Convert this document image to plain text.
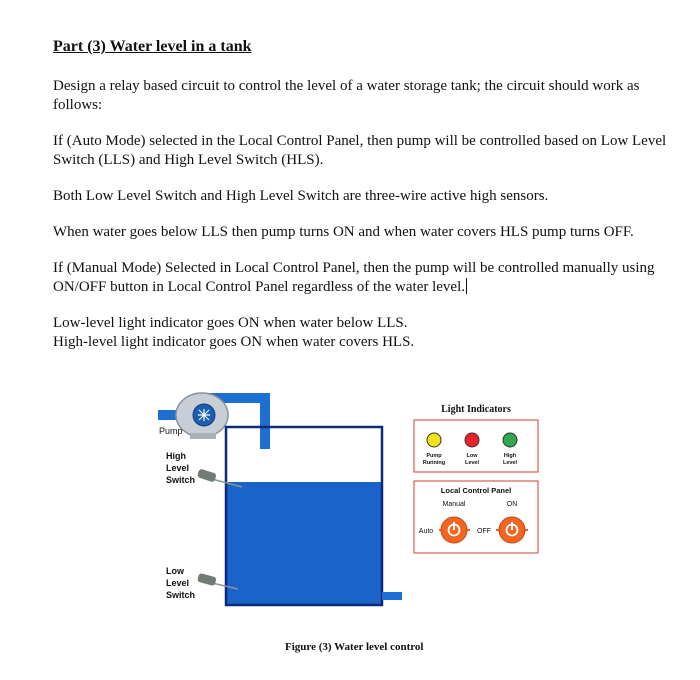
Part (3) Water level in a tank

Design a relay based circuit to control the level of a water storage tank; the circuit should work as follows:

If (Auto Mode) selected in the Local Control Panel, then pump will be controlled based on Low Level Switch (LLS) and High Level Switch (HLS).

Both Low Level Switch and High Level Switch are three-wire active high sensors.

When water goes below LLS then pump turns ON and when water covers HLS pump turns OFF.

If (Manual Mode) Selected in Local Control Panel, then the pump will be controlled manually using ON/OFF button in Local Control Panel regardless of the water level.

Low-level light indicator goes ON when water below LLS.
High-level light indicator goes ON when water covers HLS.

Pump
High
Level
Switch
Low
Level
Switch
Light Indicators
Pump
Running
Low
Level
High
Level
Local Control Panel
Manual	ON
Auto	OFF
Figure (3) Water level control
